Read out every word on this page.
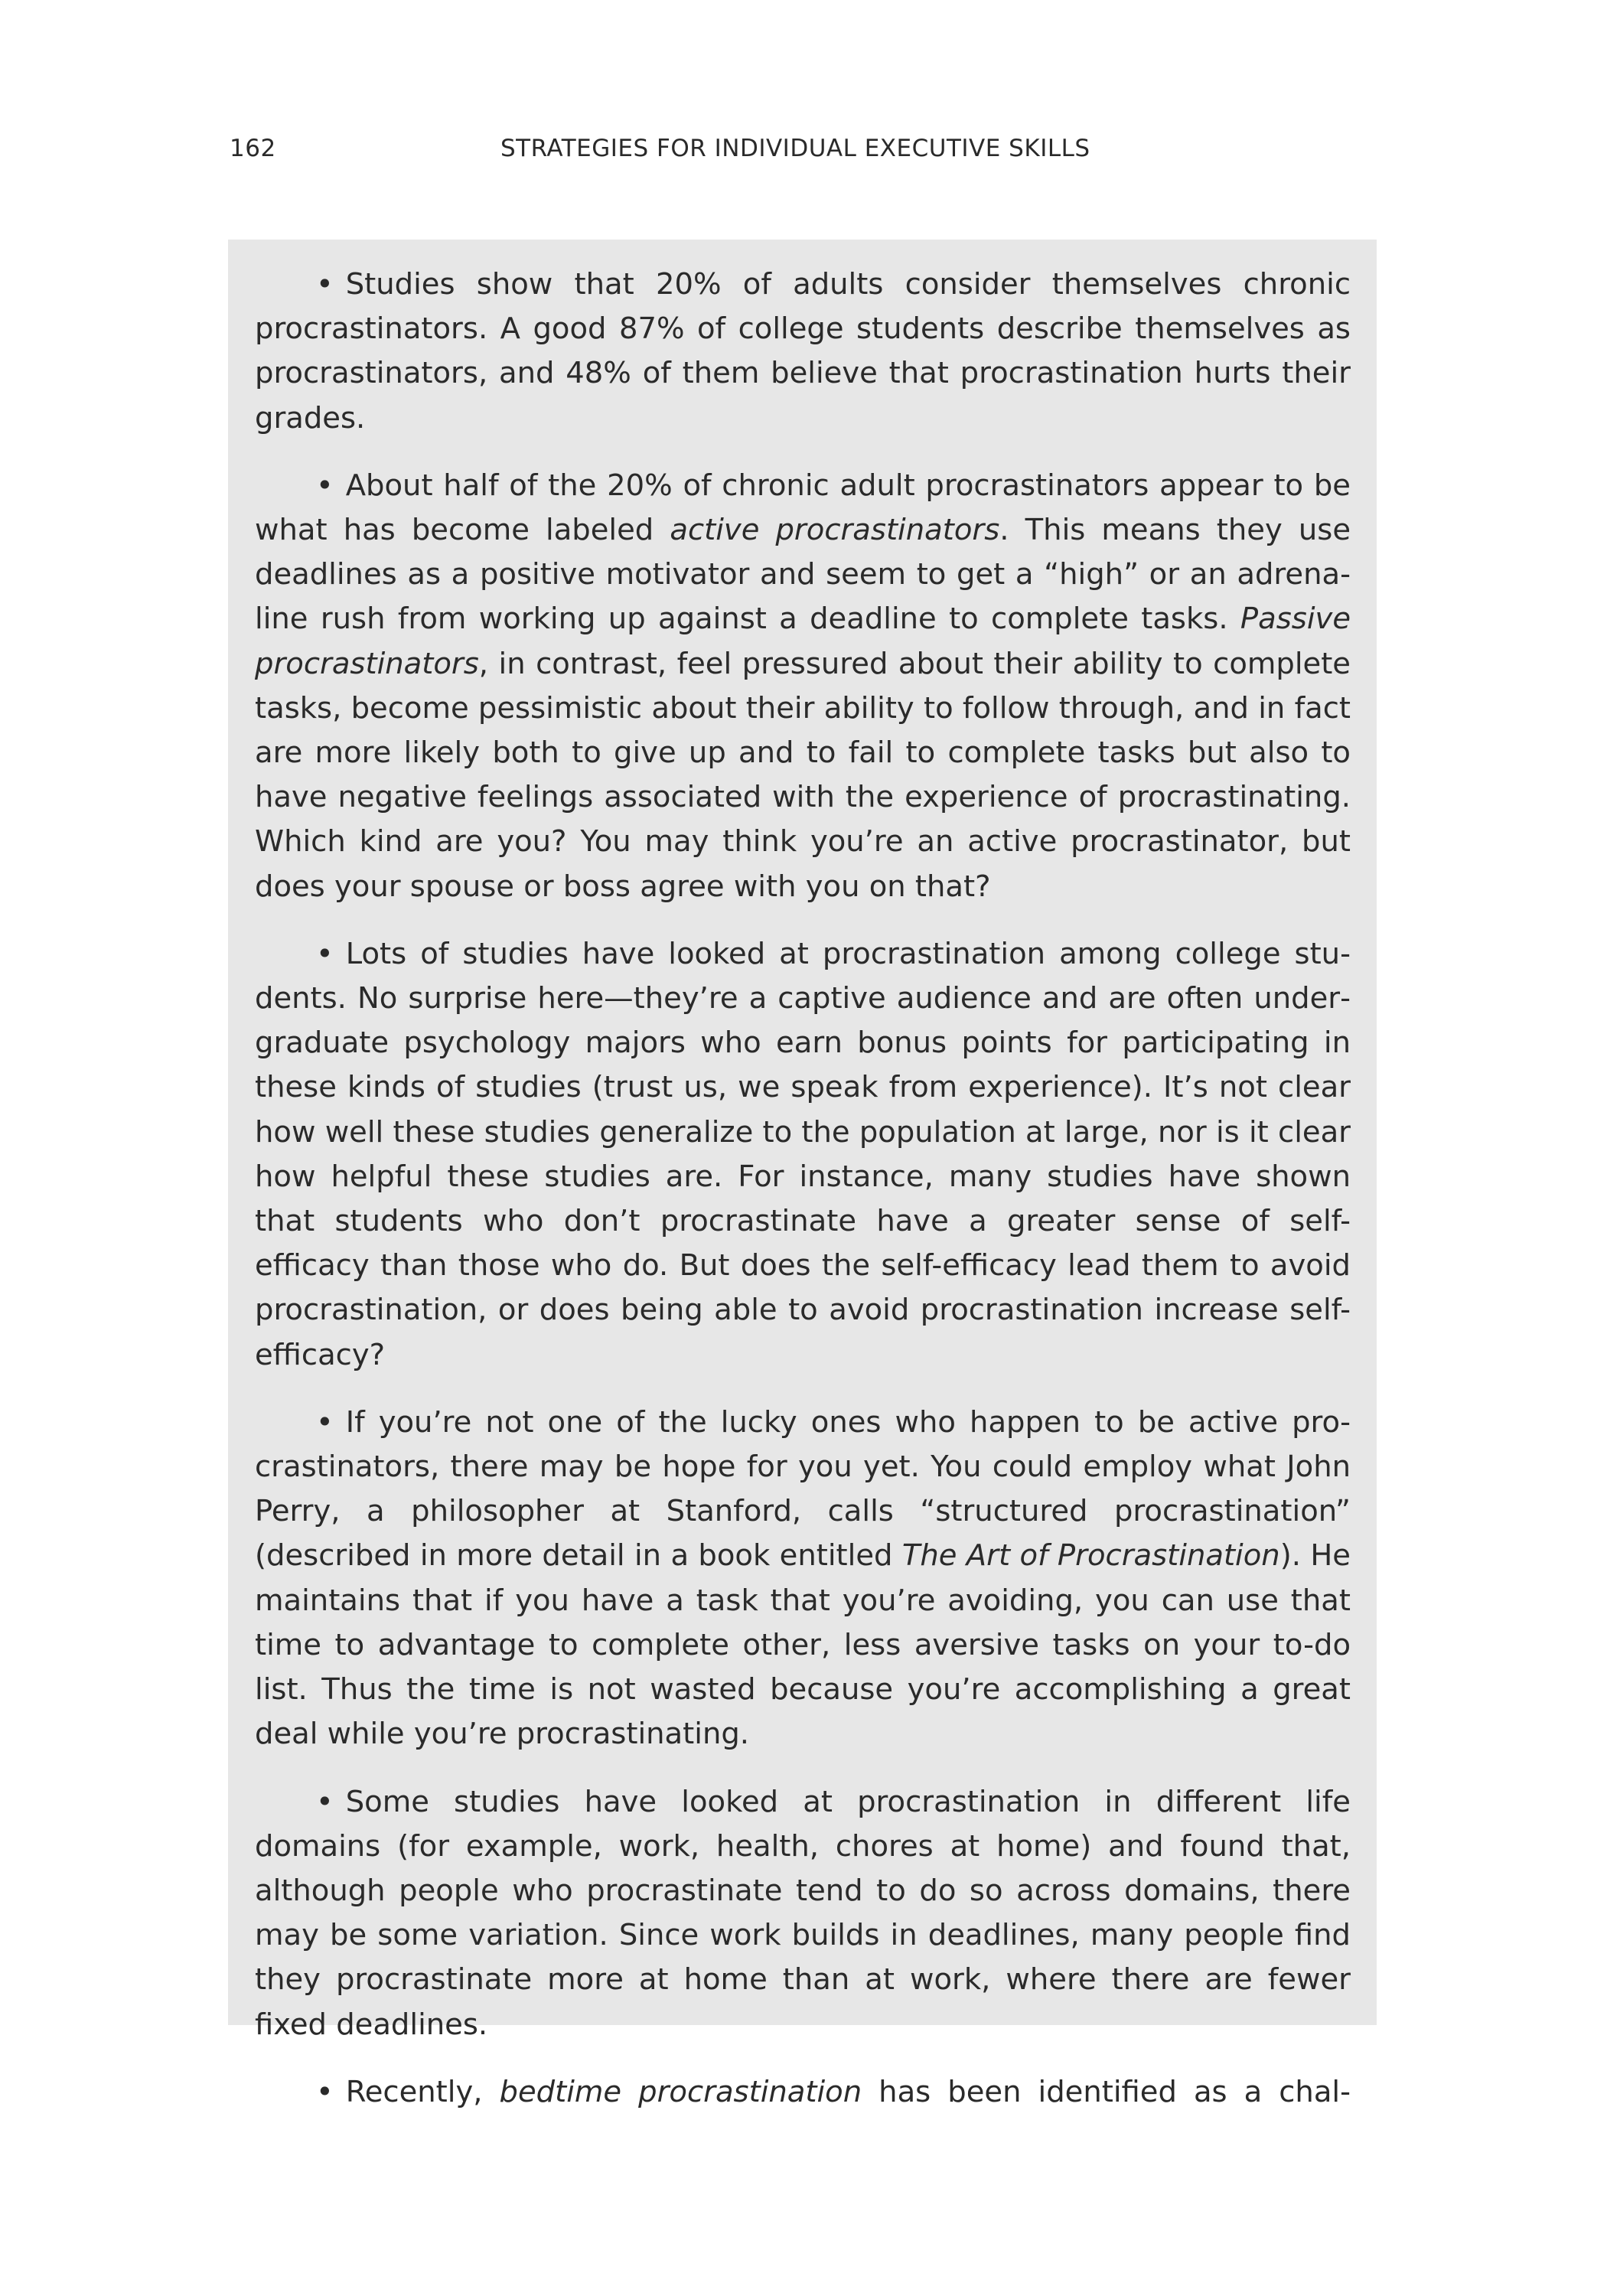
162	STRATEGIES FOR INDIVIDUAL EXECUTIVE SKILLS

• Studies show that 20% of adults consider themselves chronic procrastinators. A good 87% of college students describe themselves as procrastinators, and 48% of them believe that procrastination hurts their grades.

• About half of the 20% of chronic adult procrastinators appear to be what has become labeled active procrastinators. This means they use deadlines as a positive motivator and seem to get a “high” or an adrenaline rush from working up against a deadline to complete tasks. Passive procrastinators, in contrast, feel pressured about their ability to complete tasks, become pessimistic about their ability to follow through, and in fact are more likely both to give up and to fail to complete tasks but also to have negative feelings associated with the experience of procrastinating. Which kind are you? You may think you’re an active procrastinator, but does your spouse or boss agree with you on that?

• Lots of studies have looked at procrastination among college students. No surprise here—they’re a captive audience and are often undergraduate psychology majors who earn bonus points for participating in these kinds of studies (trust us, we speak from experience). It’s not clear how well these studies generalize to the population at large, nor is it clear how helpful these studies are. For instance, many studies have shown that students who don’t procrastinate have a greater sense of self-efficacy than those who do. But does the self-efficacy lead them to avoid procrastination, or does being able to avoid procrastination increase self-efficacy?

• If you’re not one of the lucky ones who happen to be active procrastinators, there may be hope for you yet. You could employ what John Perry, a philosopher at Stanford, calls “structured procrastination” (described in more detail in a book entitled The Art of Procrastination). He maintains that if you have a task that you’re avoiding, you can use that time to advantage to complete other, less aversive tasks on your to-do list. Thus the time is not wasted because you’re accomplishing a great deal while you’re procrastinating.

• Some studies have looked at procrastination in different life domains (for example, work, health, chores at home) and found that, although people who procrastinate tend to do so across domains, there may be some variation. Since work builds in deadlines, many people find they procrastinate more at home than at work, where there are fewer fixed deadlines.

• Recently, bedtime procrastination has been identified as a chal-
